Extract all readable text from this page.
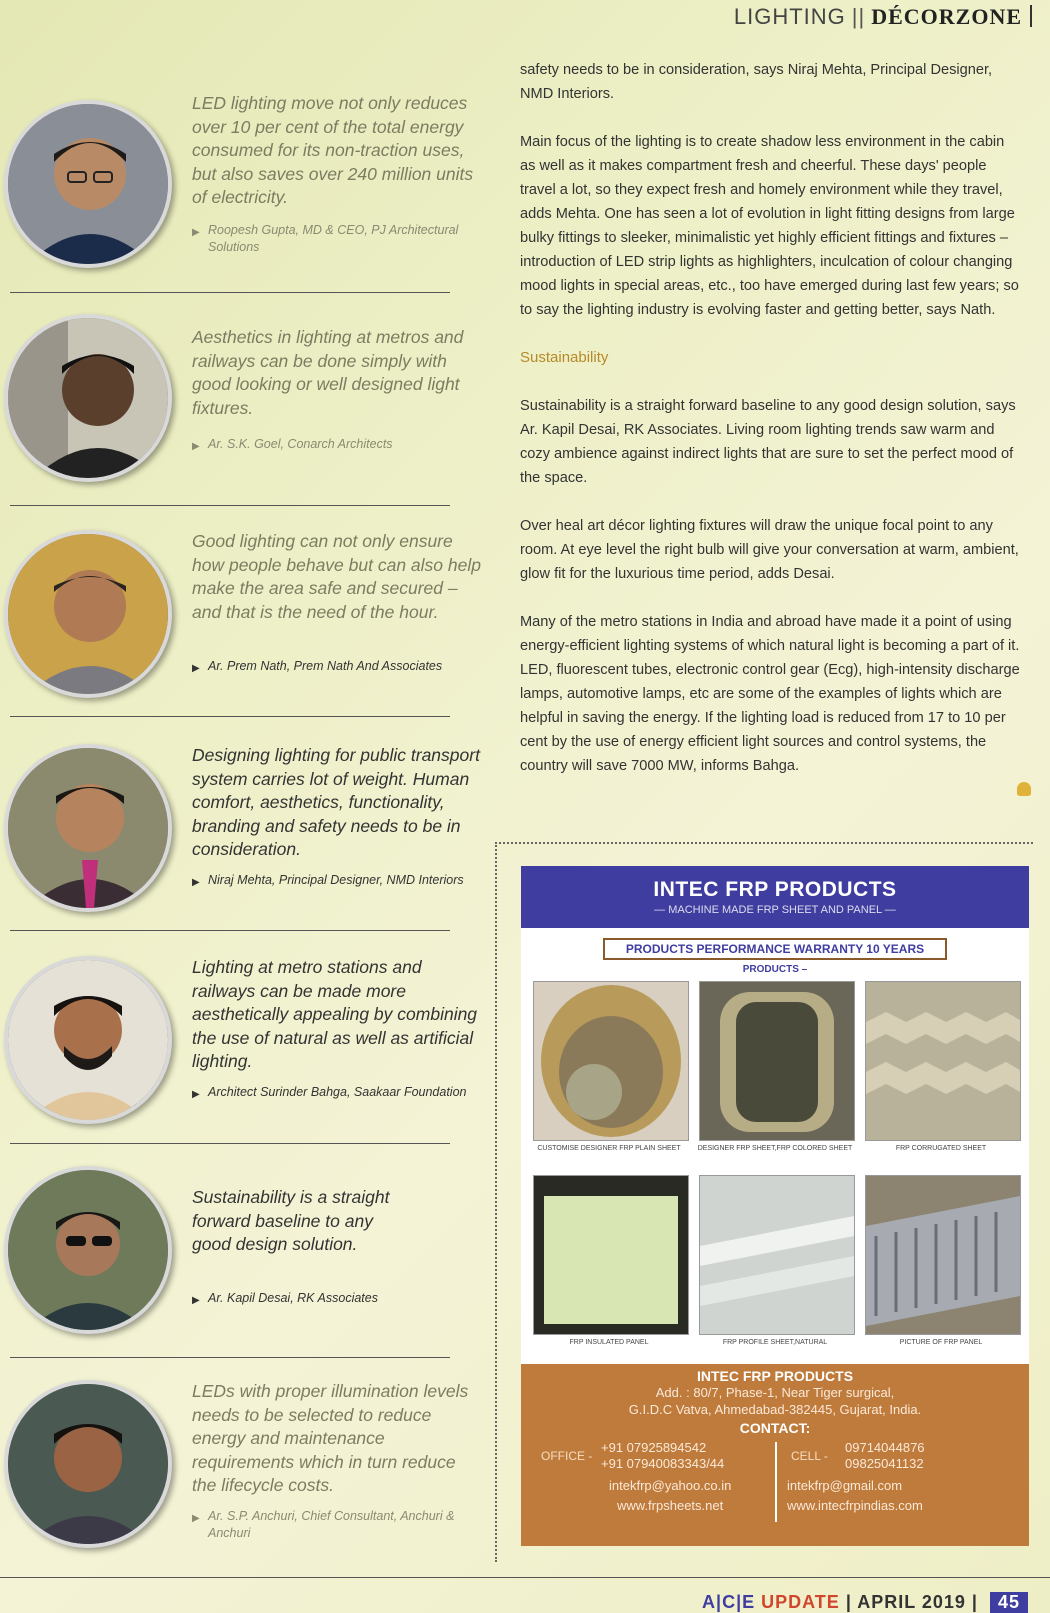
LIGHTING || DÉCORZONE
LED lighting move not only reduces over 10 per cent of the total energy consumed for its non-traction uses, but also saves over 240 million units of electricity.
▶ Roopesh Gupta, MD & CEO, PJ Architectural Solutions
Aesthetics in lighting at metros and railways can be done simply with good looking or well designed light fixtures.
▶ Ar. S.K. Goel, Conarch Architects
Good lighting can not only ensure how people behave but can also help make the area safe and secured – and that is the need of the hour.
▶ Ar. Prem Nath, Prem Nath And Associates
Designing lighting for public transport system carries lot of weight. Human comfort, aesthetics, functionality, branding and safety needs to be in consideration.
▶ Niraj Mehta, Principal Designer, NMD Interiors
Lighting at metro stations and railways can be made more aesthetically appealing by combining the use of natural as well as artificial lighting.
▶ Architect Surinder Bahga, Saakaar Foundation
Sustainability is a straight forward baseline to any good design solution.
▶ Ar. Kapil Desai, RK Associates
LEDs with proper illumination levels needs to be selected to reduce energy and maintenance requirements which in turn reduce the lifecycle costs.
▶ Ar. S.P. Anchuri, Chief Consultant, Anchuri & Anchuri

safety needs to be in consideration, says Niraj Mehta, Principal Designer, NMD Interiors.

Main focus of the lighting is to create shadow less environment in the cabin as well as it makes compartment fresh and cheerful. These days' people travel a lot, so they expect fresh and homely environment while they travel, adds Mehta. One has seen a lot of evolution in light fitting designs from large bulky fittings to sleeker, minimalistic yet highly efficient fittings and fixtures – introduction of LED strip lights as highlighters, inculcation of colour changing mood lights in special areas, etc., too have emerged during last few years; so to say the lighting industry is evolving faster and getting better, says Nath.

Sustainability

Sustainability is a straight forward baseline to any good design solution, says Ar. Kapil Desai, RK Associates. Living room lighting trends saw warm and cozy ambience against indirect lights that are sure to set the perfect mood of the space.

Over heal art décor lighting fixtures will draw the unique focal point to any room. At eye level the right bulb will give your conversation at warm, ambient, glow fit for the luxurious time period, adds Desai.

Many of the metro stations in India and abroad have made it a point of using energy-efficient lighting systems of which natural light is becoming a part of it. LED, fluorescent tubes, electronic control gear (Ecg), high-intensity discharge lamps, automotive lamps, etc are some of the examples of lights which are helpful in saving the energy. If the lighting load is reduced from 17 to 10 per cent by the use of energy efficient light sources and control systems, the country will save 7000 MW, informs Bahga.

INTEC FRP PRODUCTS
— MACHINE MADE FRP SHEET AND PANEL —
PRODUCTS PERFORMANCE WARRANTY 10 YEARS
PRODUCTS –
CUSTOMISE DESIGNER FRP PLAIN SHEET	DESIGNER FRP SHEET,FRP COLORED SHEET	FRP CORRUGATED SHEET
FRP INSULATED PANEL	FRP PROFILE SHEET,NATURAL	PICTURE OF FRP PANEL
INTEC FRP PRODUCTS
Add. : 80/7, Phase-1, Near Tiger surgical,
G.I.D.C Vatva, Ahmedabad-382445, Gujarat, India.
CONTACT:
OFFICE -
+91 07925894542
+91 07940083343/44
intekfrp@yahoo.co.in
www.frpsheets.net
CELL -
09714044876
09825041132
intekfrp@gmail.com
www.intecfrpindias.com
A|C|E UPDATE | APRIL 2019 | 45
